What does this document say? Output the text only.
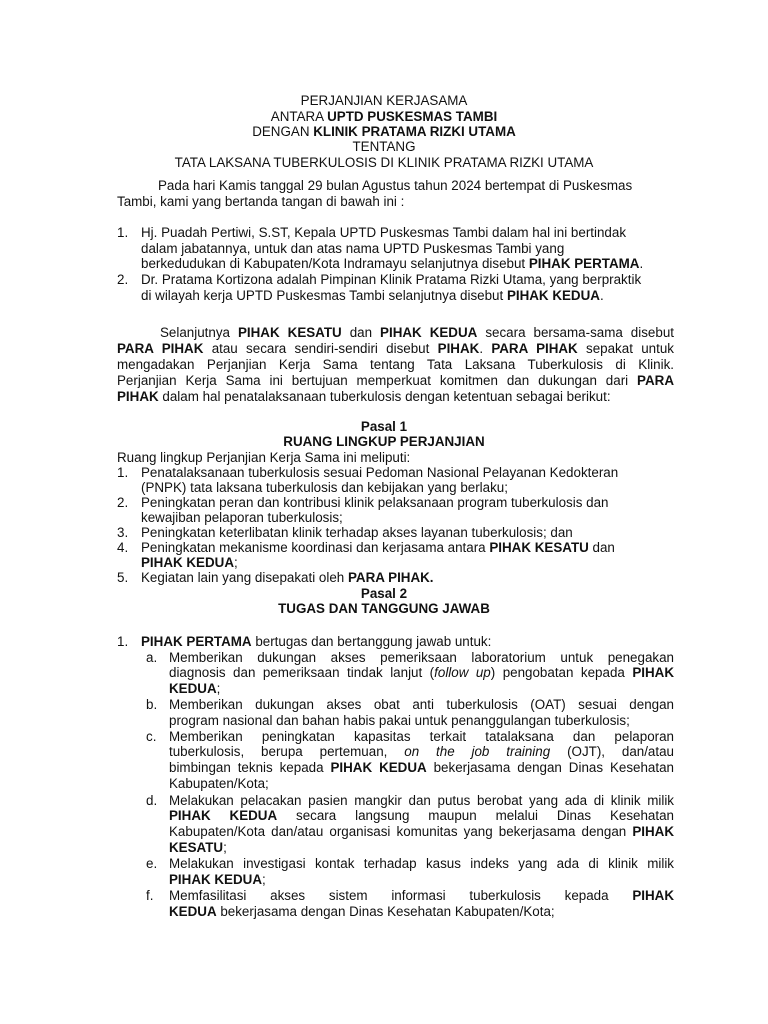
PERJANJIAN KERJASAMA
ANTARA UPTD PUSKESMAS TAMBI
DENGAN KLINIK PRATAMA RIZKI UTAMA
TENTANG
TATA LAKSANA TUBERKULOSIS DI KLINIK PRATAMA RIZKI UTAMA
Pada hari Kamis tanggal 29 bulan Agustus tahun 2024 bertempat di Puskesmas
Tambi, kami yang bertanda tangan di bawah ini :
1. Hj. Puadah Pertiwi, S.ST, Kepala UPTD Puskesmas Tambi dalam hal ini bertindak
dalam jabatannya, untuk dan atas nama UPTD Puskesmas Tambi yang
berkedudukan di Kabupaten/Kota Indramayu selanjutnya disebut PIHAK PERTAMA.
2. Dr. Pratama Kortizona adalah Pimpinan Klinik Pratama Rizki Utama, yang berpraktik
di wilayah kerja UPTD Puskesmas Tambi selanjutnya disebut PIHAK KEDUA.
Selanjutnya PIHAK KESATU dan PIHAK KEDUA secara bersama-sama disebut
PARA PIHAK atau secara sendiri-sendiri disebut PIHAK. PARA PIHAK sepakat untuk
mengadakan Perjanjian Kerja Sama tentang Tata Laksana Tuberkulosis di Klinik.
Perjanjian Kerja Sama ini bertujuan memperkuat komitmen dan dukungan dari PARA
PIHAK dalam hal penatalaksanaan tuberkulosis dengan ketentuan sebagai berikut:
Pasal 1
RUANG LINGKUP PERJANJIAN
Ruang lingkup Perjanjian Kerja Sama ini meliputi:
1. Penatalaksanaan tuberkulosis sesuai Pedoman Nasional Pelayanan Kedokteran
(PNPK) tata laksana tuberkulosis dan kebijakan yang berlaku;
2. Peningkatan peran dan kontribusi klinik pelaksanaan program tuberkulosis dan
kewajiban pelaporan tuberkulosis;
3. Peningkatan keterlibatan klinik terhadap akses layanan tuberkulosis; dan
4. Peningkatan mekanisme koordinasi dan kerjasama antara PIHAK KESATU dan
PIHAK KEDUA;
5. Kegiatan lain yang disepakati oleh PARA PIHAK.
Pasal 2
TUGAS DAN TANGGUNG JAWAB
1. PIHAK PERTAMA bertugas dan bertanggung jawab untuk:
a. Memberikan dukungan akses pemeriksaan laboratorium untuk penegakan
diagnosis dan pemeriksaan tindak lanjut (follow up) pengobatan kepada PIHAK
KEDUA;
b. Memberikan dukungan akses obat anti tuberkulosis (OAT) sesuai dengan
program nasional dan bahan habis pakai untuk penanggulangan tuberkulosis;
c. Memberikan peningkatan kapasitas terkait tatalaksana dan pelaporan
tuberkulosis, berupa pertemuan, on the job training (OJT), dan/atau
bimbingan teknis kepada PIHAK KEDUA bekerjasama dengan Dinas Kesehatan
Kabupaten/Kota;
d. Melakukan pelacakan pasien mangkir dan putus berobat yang ada di klinik milik
PIHAK KEDUA secara langsung maupun melalui Dinas Kesehatan
Kabupaten/Kota dan/atau organisasi komunitas yang bekerjasama dengan PIHAK
KESATU;
e. Melakukan investigasi kontak terhadap kasus indeks yang ada di klinik milik
PIHAK KEDUA;
f. Memfasilitasi akses sistem informasi tuberkulosis kepada PIHAK
KEDUA bekerjasama dengan Dinas Kesehatan Kabupaten/Kota;
